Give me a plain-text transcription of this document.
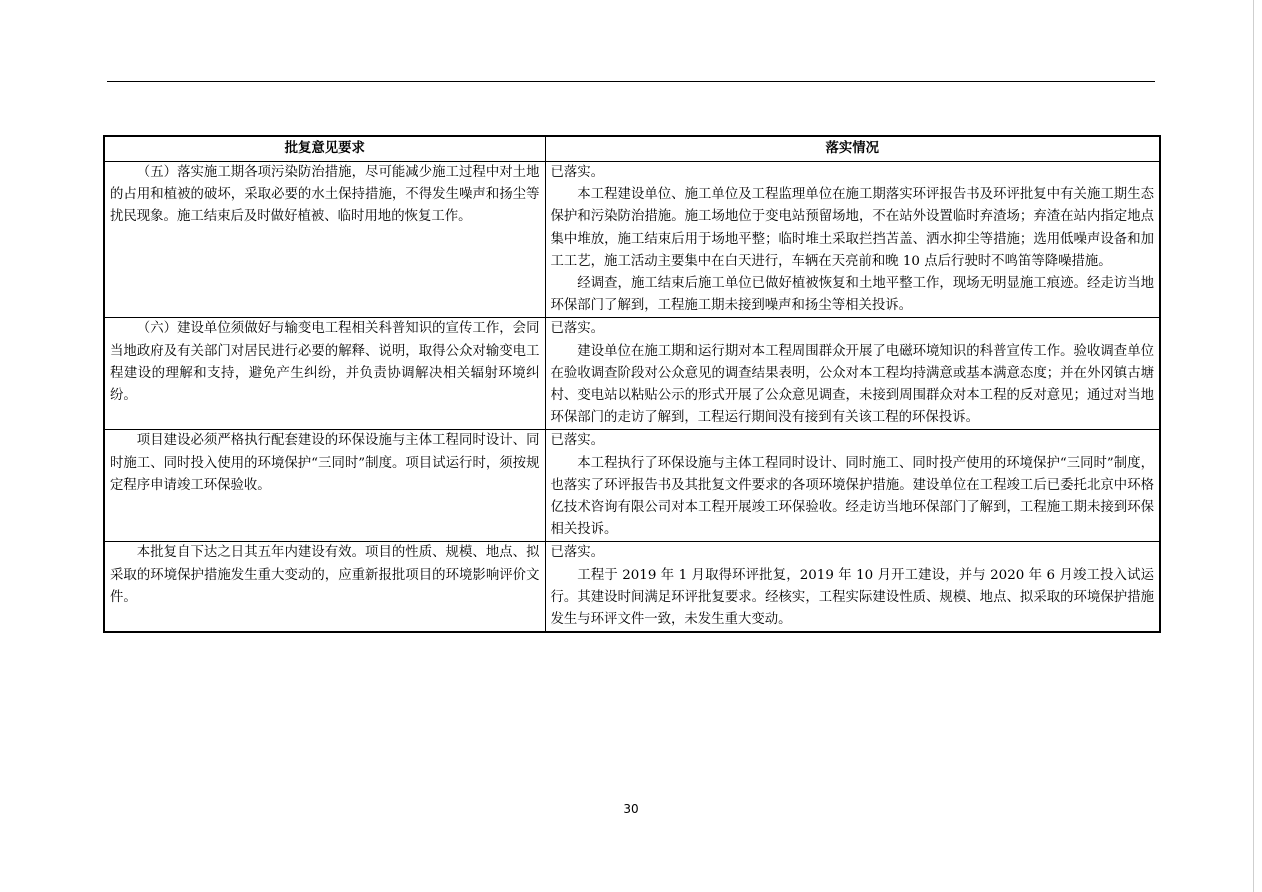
批复意见要求	落实情况

（五）落实施工期各项污染防治措施，尽可能减少施工过程中对土地的占用和植被的破坏，采取必要的水土保持措施，不得发生噪声和扬尘等扰民现象。施工结束后及时做好植被、临时用地的恢复工作。	已落实。

本工程建设单位、施工单位及工程监理单位在施工期落实环评报告书及环评批复中有关施工期生态保护和污染防治措施。施工场地位于变电站预留场地，不在站外设置临时弃渣场；弃渣在站内指定地点集中堆放，施工结束后用于场地平整；临时堆土采取拦挡苫盖、洒水抑尘等措施；选用低噪声设备和加工工艺，施工活动主要集中在白天进行，车辆在天亮前和晚 10 点后行驶时不鸣笛等降噪措施。

经调查，施工结束后施工单位已做好植被恢复和土地平整工作，现场无明显施工痕迹。经走访当地环保部门了解到，工程施工期未接到噪声和扬尘等相关投诉。

（六）建设单位须做好与输变电工程相关科普知识的宣传工作，会同当地政府及有关部门对居民进行必要的解释、说明，取得公众对输变电工程建设的理解和支持，避免产生纠纷，并负责协调解决相关辐射环境纠纷。	已落实。

建设单位在施工期和运行期对本工程周围群众开展了电磁环境知识的科普宣传工作。验收调查单位在验收调查阶段对公众意见的调查结果表明，公众对本工程均持满意或基本满意态度；并在外冈镇古塘村、变电站以粘贴公示的形式开展了公众意见调查，未接到周围群众对本工程的反对意见；通过对当地环保部门的走访了解到，工程运行期间没有接到有关该工程的环保投诉。

项目建设必须严格执行配套建设的环保设施与主体工程同时设计、同时施工、同时投入使用的环境保护“三同时”制度。项目试运行时，须按规定程序申请竣工环保验收。	已落实。

本工程执行了环保设施与主体工程同时设计、同时施工、同时投产使用的环境保护“三同时”制度，也落实了环评报告书及其批复文件要求的各项环境保护措施。建设单位在工程竣工后已委托北京中环格亿技术咨询有限公司对本工程开展竣工环保验收。经走访当地环保部门了解到，工程施工期未接到环保相关投诉。

本批复自下达之日其五年内建设有效。项目的性质、规模、地点、拟采取的环境保护措施发生重大变动的，应重新报批项目的环境影响评价文件。	已落实。

工程于 2019 年 1 月取得环评批复，2019 年 10 月开工建设，并与 2020 年 6 月竣工投入试运行。其建设时间满足环评批复要求。经核实，工程实际建设性质、规模、地点、拟采取的环境保护措施发生与环评文件一致，未发生重大变动。

30
